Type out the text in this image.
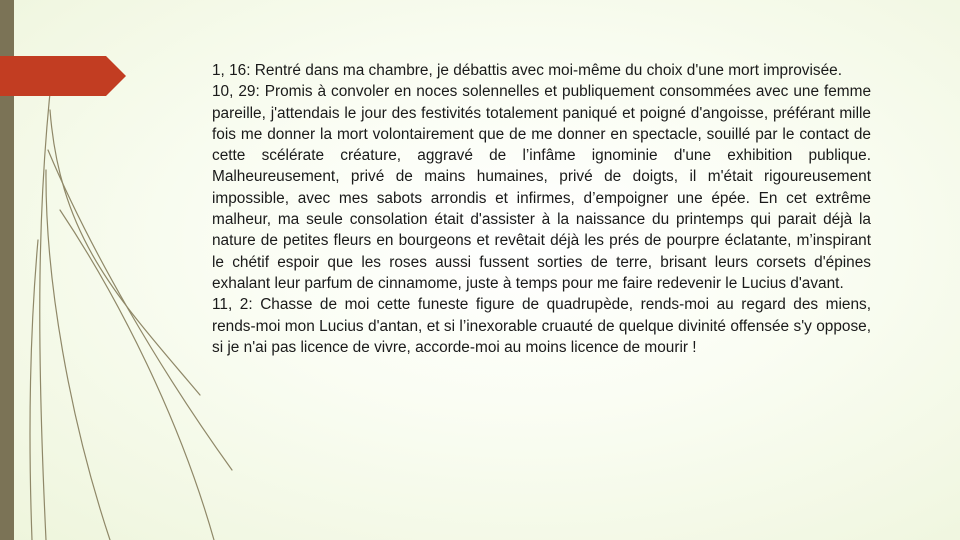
1, 16: Rentré dans ma chambre, je débattis avec moi-même du choix d'une mort improvisée.

10, 29: Promis à convoler en noces solennelles et publiquement consommées avec une femme pareille, j'attendais le jour des festivités totalement paniqué et poigné d'angoisse, préférant mille fois me donner la mort volontairement que de me donner en spectacle, souillé par le contact de cette scélérate créature, aggravé de l’infâme ignominie d'une exhibition publique. Malheureusement, privé de mains humaines, privé de doigts, il m'était rigoureusement impossible, avec mes sabots arrondis et infirmes, d’empoigner une épée. En cet extrême malheur, ma seule consolation était d'assister à la naissance du printemps qui parait déjà la nature de petites fleurs en bourgeons et revêtait déjà les prés de pourpre éclatante, m’inspirant le chétif espoir que les roses aussi fussent sorties de terre, brisant leurs corsets d'épines exhalant leur parfum de cinnamome, juste à temps pour me faire redevenir le Lucius d'avant.

11, 2: Chasse de moi cette funeste figure de quadrupède, rends-moi au regard des miens, rends-moi mon Lucius d'antan, et si l’inexorable cruauté de quelque divinité offensée s'y oppose, si je n'ai pas licence de vivre, accorde-moi au moins licence de mourir !
